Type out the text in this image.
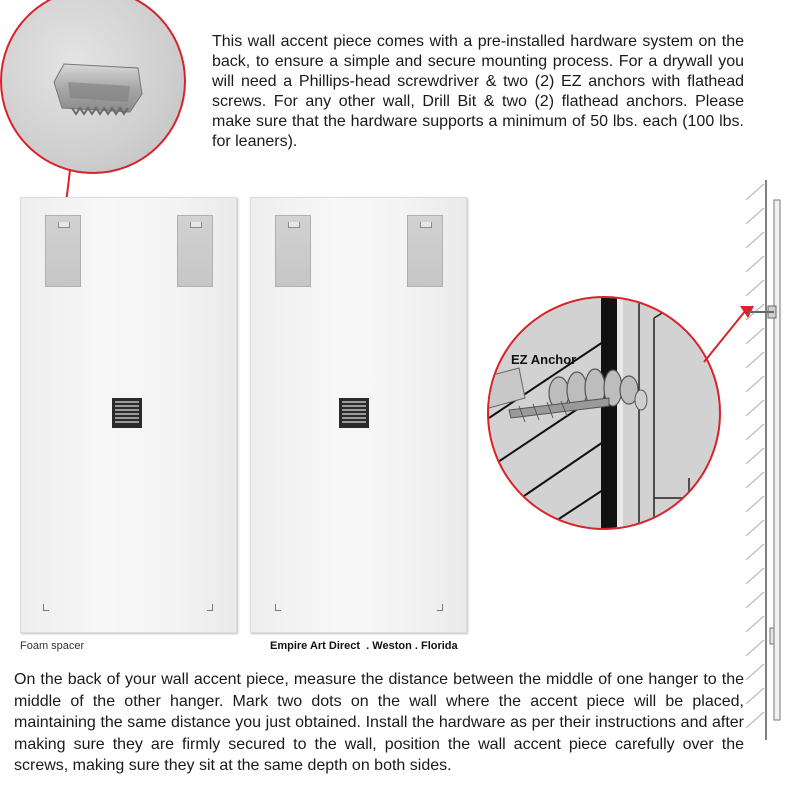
This wall accent piece comes with a pre-installed hardware system on the back, to ensure a simple and secure mounting process. For a drywall you will need a Phillips-head screwdriver & two (2) EZ anchors with flathead screws. For any other wall, Drill Bit & two (2) flathead anchors. Please make sure that the hardware supports a minimum of 50 lbs. each (100 lbs. for leaners).

Foam spacer	Empire Art Direct  . Weston . Florida
EZ Anchor

On the back of your wall accent piece, measure the distance between the middle of one hanger to the middle of the other hanger. Mark two dots on the wall where the accent piece will be placed, maintaining the same distance you just obtained. Install the hardware as per their instructions and after making sure they are firmly secured to the wall, position the wall accent piece carefully over the screws, making sure they sit at the same depth on both sides.
